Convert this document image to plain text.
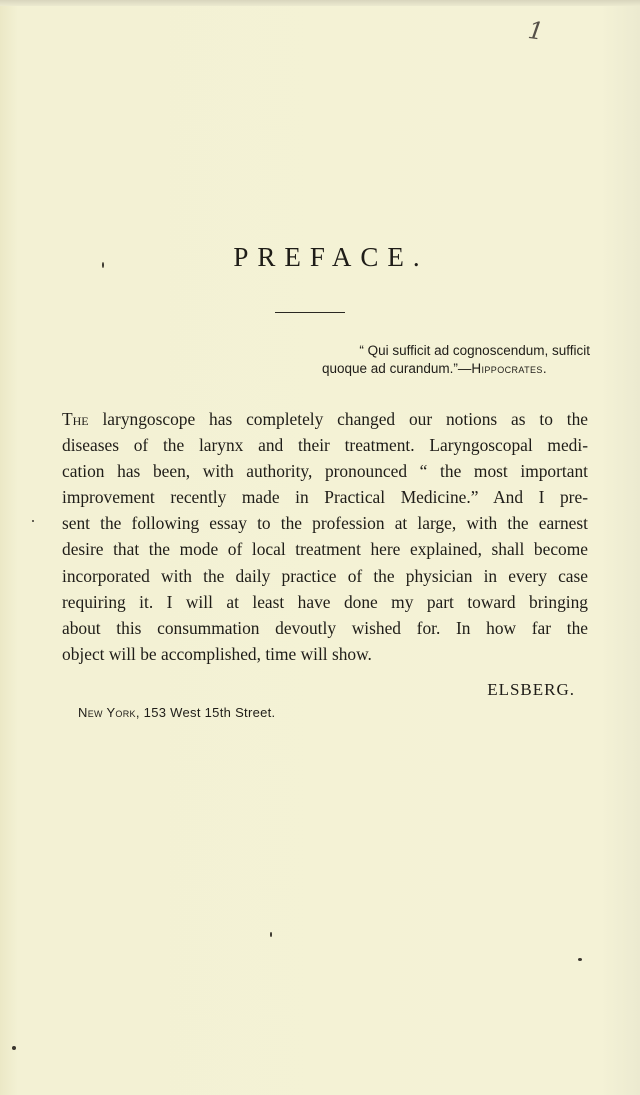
1
PREFACE.
“ Qui sufficit ad cognoscendum, sufficit
quoque ad curandum.”—Hippocrates.
The laryngoscope has completely changed our notions as to the
diseases of the larynx and their treatment. Laryngoscopal medi-
cation has been, with authority, pronounced “ the most important
improvement recently made in Practical Medicine.” And I pre-
sent the following essay to the profession at large, with the earnest
desire that the mode of local treatment here explained, shall become
incorporated with the daily practice of the physician in every case
requiring it. I will at least have done my part toward bringing
about this consummation devoutly wished for. In how far the
object will be accomplished, time will show.
ELSBERG.
New York, 153 West 15th Street.
